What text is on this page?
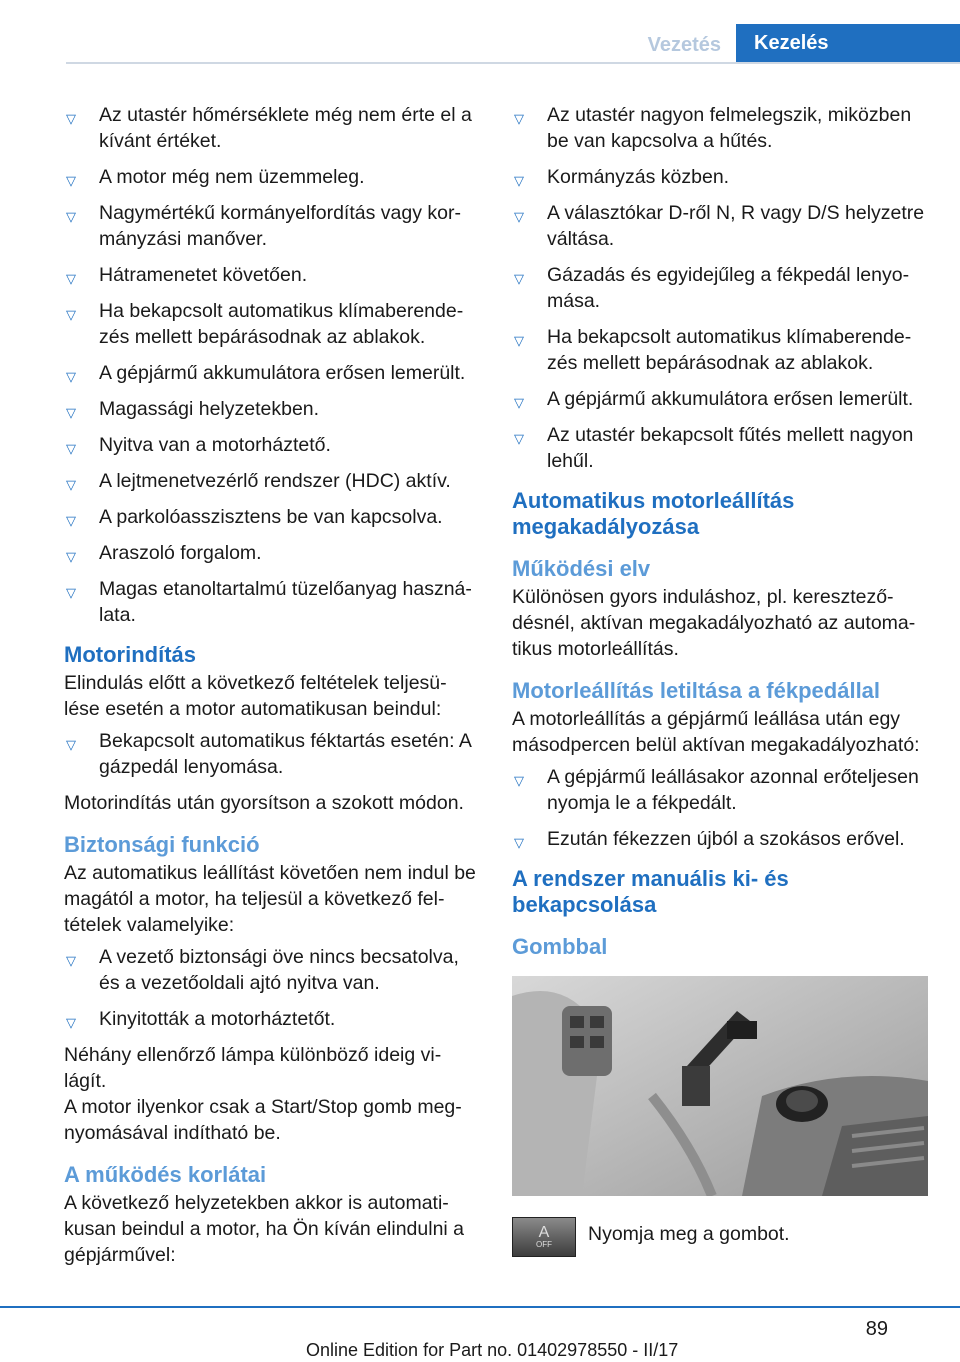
Vezetés	Kezelés
▽ Az utastér hőmérséklete még nem érte el a kívánt értéket.
▽ A motor még nem üzemmeleg.
▽ Nagymértékű kormányelfordítás vagy kor‐mányzási manőver.
▽ Hátramenetet követően.
▽ Ha bekapcsolt automatikus klímaberende‐zés mellett bepárásodnak az ablakok.
▽ A gépjármű akkumulátora erősen lemerült.
▽ Magassági helyzetekben.
▽ Nyitva van a motorháztető.
▽ A lejtmenetvezérlő rendszer (HDC) aktív.
▽ A parkolóasszisztens be van kapcsolva.
▽ Araszoló forgalom.
▽ Magas etanoltartalmú tüzelőanyag haszná‐lata.
Motorindítás

Elindulás előtt a következő feltételek teljesü‐lése esetén a motor automatikusan beindul:

▽ Bekapcsolt automatikus féktartás esetén: A gázpedál lenyomása.

Motorindítás után gyorsítson a szokott módon.

Biztonsági funkció

Az automatikus leállítást követően nem indul be magától a motor, ha teljesül a következő fel‐tételek valamelyike:

▽ A vezető biztonsági öve nincs becsatolva, és a vezetőoldali ajtó nyitva van.
▽ Kinyitották a motorháztetőt.

Néhány ellenőrző lámpa különböző ideig vi‐lágít.

A motor ilyenkor csak a Start/Stop gomb meg‐nyomásával indítható be.

A működés korlátai

A következő helyzetekben akkor is automati‐kusan beindul a motor, ha Ön kíván elindulni a gépjárművel:

▽ Az utastér nagyon felmelegszik, miközben be van kapcsolva a hűtés.
▽ Kormányzás közben.
▽ A választókar D-ről N, R vagy D/S helyzetre váltása.
▽ Gázadás és egyidejűleg a fékpedál lenyo‐mása.
▽ Ha bekapcsolt automatikus klímaberende‐zés mellett bepárásodnak az ablakok.
▽ A gépjármű akkumulátora erősen lemerült.
▽ Az utastér bekapcsolt fűtés mellett nagyon lehűl.
Automatikus motorleállítás megakadályozása
Működési elv

Különösen gyors induláshoz, pl. keresztező‐désnél, aktívan megakadályozható az automa‐tikus motorleállítás.

Motorleállítás letiltása a fékpedállal

A motorleállítás a gépjármű leállása után egy másodpercen belül aktívan megakadályozható:

▽ A gépjármű leállásakor azonnal erőteljesen nyomja le a fékpedált.
▽ Ezután fékezzen újból a szokásos erővel.
A rendszer manuális ki- és bekapcsolása
Gombbal
A
OFF Nyomja meg a gombot.

89
Online Edition for Part no. 01402978550 - II/17
